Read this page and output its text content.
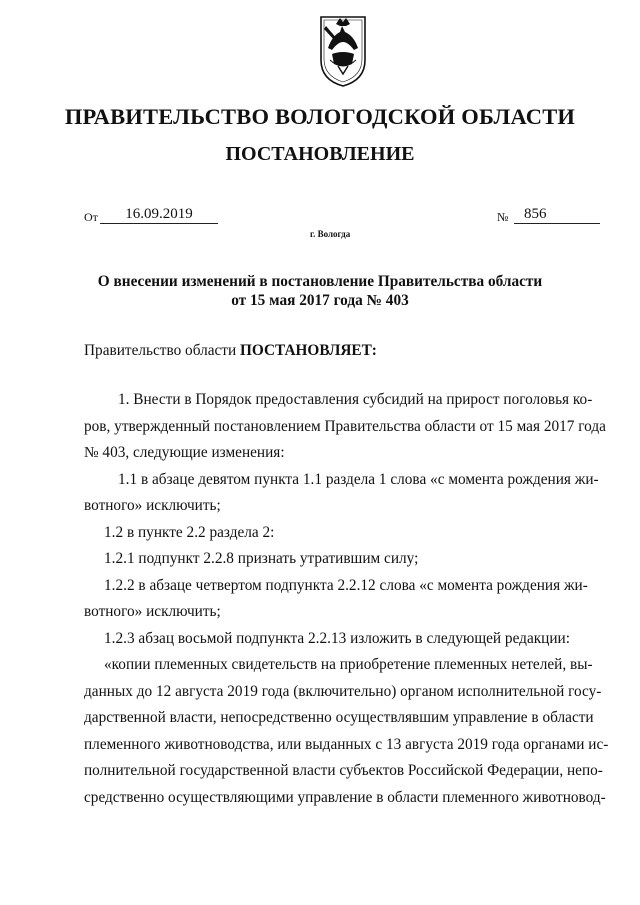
ПРАВИТЕЛЬСТВО ВОЛОГОДСКОЙ ОБЛАСТИ
ПОСТАНОВЛЕНИЕ
От	16.09.2019	№	856
г. Вологда
О внесении изменений в постановление Правительства области
от 15 мая 2017 года № 403
Правительство области ПОСТАНОВЛЯЕТ:

1. Внести в Порядок предоставления субсидий на прирост поголовья ко-
ров, утвержденный постановлением Правительства области от 15 мая 2017 года
№ 403, следующие изменения:

1.1 в абзаце девятом пункта 1.1 раздела 1 слова «с момента рождения жи-
вотного» исключить;

1.2 в пункте 2.2 раздела 2:

1.2.1 подпункт 2.2.8 признать утратившим силу;

1.2.2 в абзаце четвертом подпункта 2.2.12 слова «с момента рождения жи-
вотного» исключить;

1.2.3 абзац восьмой подпункта 2.2.13 изложить в следующей редакции:

«копии племенных свидетельств на приобретение племенных нетелей, вы-
данных до 12 августа 2019 года (включительно) органом исполнительной госу-
дарственной власти, непосредственно осуществлявшим управление в области
племенного животноводства, или выданных с 13 августа 2019 года органами ис-
полнительной государственной власти субъектов Российской Федерации, непо-
средственно осуществляющими управление в области племенного животновод-
